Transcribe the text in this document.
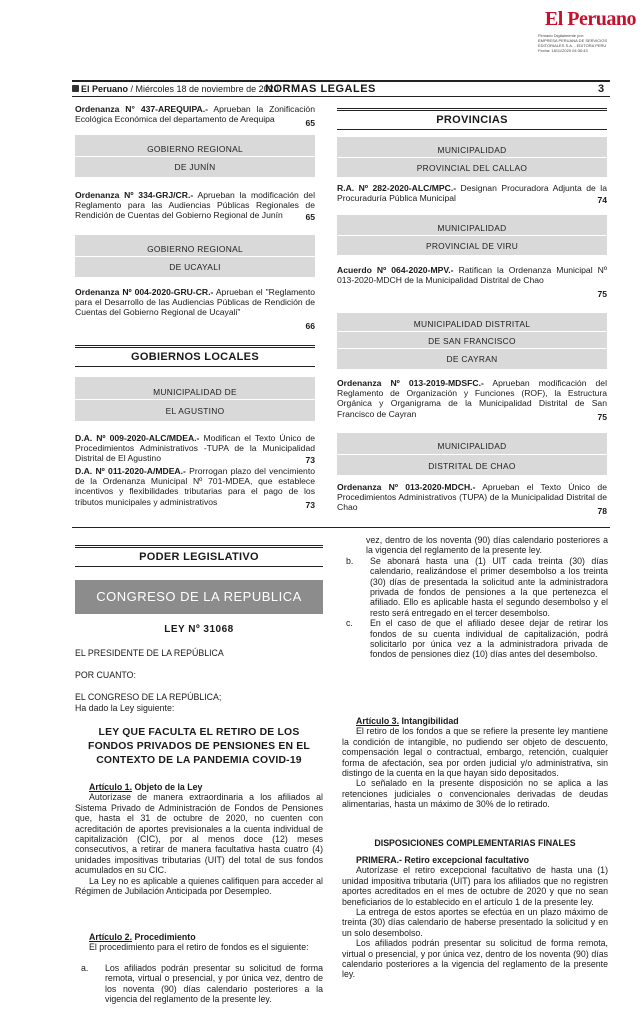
El Peruano
Firmado Digitalmente por:
EMPRESA PERUANA DE SERVICIOS
EDITORIALES S.A. - EDITORA PERU
Fecha: 18/11/2020 04:30:43
El Peruano / Miércoles 18 de noviembre de 2020
NORMAS LEGALES	3
Ordenanza N° 437-AREQUIPA.- Aprueban la Zonificación Ecológica Económica del departamento de Arequipa	65
GOBIERNO REGIONAL
DE JUNÍN
Ordenanza Nº 334-GRJ/CR.- Aprueban la modificación del Reglamento para las Audiencias Públicas Regionales de Rendición de Cuentas del Gobierno Regional de Junín	65
GOBIERNO REGIONAL
DE UCAYALI
Ordenanza Nº 004-2020-GRU-CR.- Aprueban el "Reglamento para el Desarrollo de las Audiencias Públicas de Rendición de Cuentas del Gobierno Regional de Ucayali"
66
GOBIERNOS LOCALES
MUNICIPALIDAD DE
EL AGUSTINO
D.A. Nº 009-2020-ALC/MDEA.- Modifican el Texto Único de Procedimientos Administrativos -TUPA de la Municipalidad Distrital de El Agustino	73
D.A. Nº 011-2020-A/MDEA.- Prorrogan plazo del vencimiento de la Ordenanza Municipal Nº 701-MDEA, que establece incentivos y flexibilidades tributarias para el pago de los tributos municipales y administrativos	73
PROVINCIAS
MUNICIPALIDAD
PROVINCIAL DEL CALLAO
R.A. Nº 282-2020-ALC/MPC.- Designan Procuradora Adjunta de la Procuraduría Pública Municipal	74
MUNICIPALIDAD
PROVINCIAL DE VIRU
Acuerdo Nº 064-2020-MPV.- Ratifican la Ordenanza Municipal Nº 013-2020-MDCH de la Municipalidad Distrital de Chao
75
MUNICIPALIDAD DISTRITAL
DE SAN FRANCISCO
DE CAYRAN
Ordenanza Nº 013-2019-MDSFC.- Aprueban modificación del Reglamento de Organización y Funciones (ROF), la Estructura Orgánica y Organigrama de la Municipalidad Distrital de San Francisco de Cayran	75
MUNICIPALIDAD
DISTRITAL DE CHAO
Ordenanza Nº 013-2020-MDCH.- Aprueban el Texto Único de Procedimientos Administrativos (TUPA) de la Municipalidad Distrital de Chao	78
PODER LEGISLATIVO
CONGRESO DE LA REPUBLICA
LEY Nº 31068
EL PRESIDENTE DE LA REPÚBLICA
POR CUANTO:
EL CONGRESO DE LA REPÚBLICA;
Ha dado la Ley siguiente:
LEY QUE FACULTA EL RETIRO DE LOS FONDOS PRIVADOS DE PENSIONES EN EL CONTEXTO DE LA PANDEMIA COVID-19
Artículo 1. Objeto de la Ley
Autorízase de manera extraordinaria a los afiliados al Sistema Privado de Administración de Fondos de Pensiones que, hasta el 31 de octubre de 2020, no cuenten con acreditación de aportes previsionales a la cuenta individual de capitalización (CIC), por al menos doce (12) meses consecutivos, a retirar de manera facultativa hasta cuatro (4) unidades impositivas tributarias (UIT) del total de sus fondos acumulados en su CIC.
La Ley no es aplicable a quienes califiquen para acceder al Régimen de Jubilación Anticipada por Desempleo.
Artículo 2. Procedimiento
El procedimiento para el retiro de fondos es el siguiente:
a.	Los afiliados podrán presentar su solicitud de forma remota, virtual o presencial, y por única vez, dentro de los noventa (90) días calendario posteriores a la vigencia del reglamento de la presente ley.
vez, dentro de los noventa (90) días calendario posteriores a la vigencia del reglamento de la presente ley.
b.	Se abonará hasta una (1) UIT cada treinta (30) días calendario, realizándose el primer desembolso a los treinta (30) días de presentada la solicitud ante la administradora privada de fondos de pensiones a la que pertenezca el afiliado. Ello es aplicable hasta el segundo desembolso y el resto será entregado en el tercer desembolso.
c.	En el caso de que el afiliado desee dejar de retirar los fondos de su cuenta individual de capitalización, podrá solicitarlo por única vez a la administradora privada de fondos de pensiones diez (10) días antes del desembolso.
Artículo 3. Intangibilidad
El retiro de los fondos a que se refiere la presente ley mantiene la condición de intangible, no pudiendo ser objeto de descuento, compensación legal o contractual, embargo, retención, cualquier forma de afectación, sea por orden judicial y/o administrativa, sin distingo de la cuenta en la que hayan sido depositados.
Lo señalado en la presente disposición no se aplica a las retenciones judiciales o convencionales derivadas de deudas alimentarias, hasta un máximo de 30% de lo retirado.
DISPOSICIONES COMPLEMENTARIAS FINALES
PRIMERA.- Retiro excepcional facultativo
Autorízase el retiro excepcional facultativo de hasta una (1) unidad impositiva tributaria (UIT) para los afiliados que no registren aportes acreditados en el mes de octubre de 2020 y que no sean beneficiarios de lo establecido en el artículo 1 de la presente ley.
La entrega de estos aportes se efectúa en un plazo máximo de treinta (30) días calendario de haberse presentado la solicitud y en un solo desembolso.
Los afiliados podrán presentar su solicitud de forma remota, virtual o presencial, y por única vez, dentro de los noventa (90) días calendario posteriores a la vigencia del reglamento de la presente ley.
